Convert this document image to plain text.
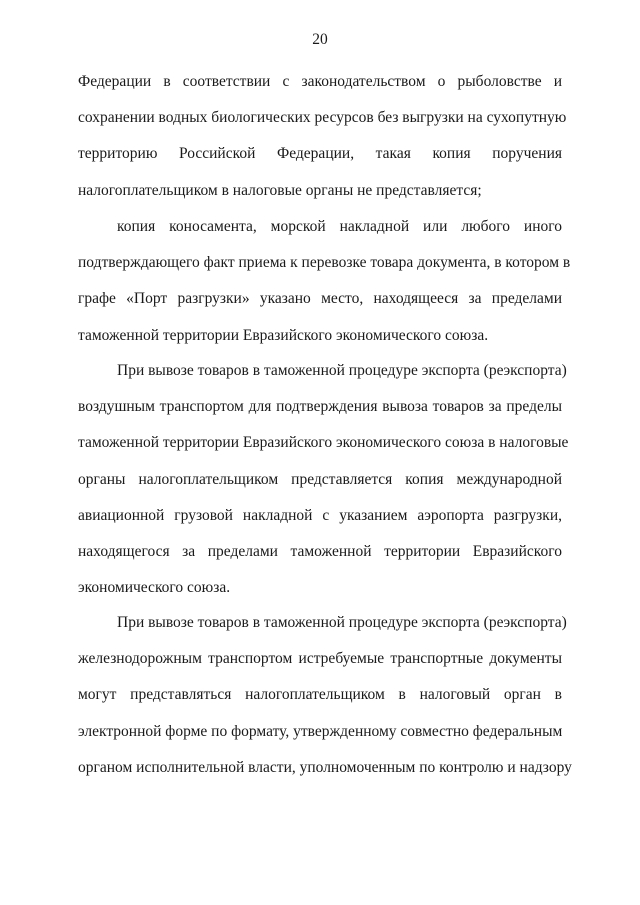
20
Федерации в соответствии с законодательством о рыболовстве и
сохранении водных биологических ресурсов без выгрузки на сухопутную
территорию Российской Федерации, такая копия поручения
налогоплательщиком в налоговые органы не представляется;
копия коносамента, морской накладной или любого иного
подтверждающего факт приема к перевозке товара документа, в котором в
графе «Порт разгрузки» указано место, находящееся за пределами
таможенной территории Евразийского экономического союза.
При вывозе товаров в таможенной процедуре экспорта (реэкспорта)
воздушным транспортом для подтверждения вывоза товаров за пределы
таможенной территории Евразийского экономического союза в налоговые
органы налогоплательщиком представляется копия международной
авиационной грузовой накладной с указанием аэропорта разгрузки,
находящегося за пределами таможенной территории Евразийского
экономического союза.
При вывозе товаров в таможенной процедуре экспорта (реэкспорта)
железнодорожным транспортом истребуемые транспортные документы
могут представляться налогоплательщиком в налоговый орган в
электронной форме по формату, утвержденному совместно федеральным
органом исполнительной власти, уполномоченным по контролю и надзору
